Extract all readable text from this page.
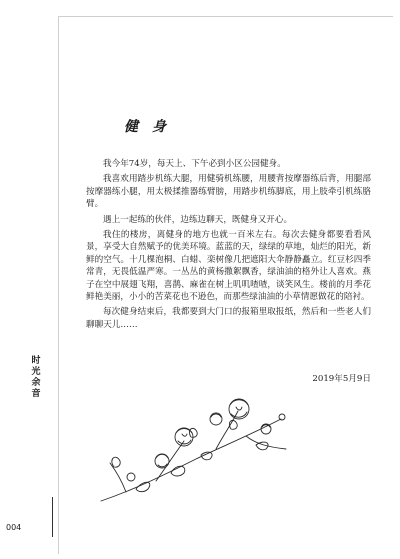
时光余音
004
健身

我今年74岁，每天上、下午必到小区公园健身。

我喜欢用踏步机练大腿，用健骑机练腰，用腰背按摩器练后背，用腿部按摩器练小腿，用太极揉推器练臂膀，用踏步机练脚底，用上肢牵引机练胳臂。

遇上一起练的伙伴，边练边聊天，既健身又开心。

我住的楼房，离健身的地方也就一百米左右。每次去健身都要看看风景，享受大自然赋予的优美环境。蓝蓝的天，绿绿的草地，灿烂的阳光，新鲜的空气。十几棵泡桐、白蜡、栾树像几把遮阳大伞静静矗立。红豆杉四季常青，无畏低温严寒。一丛丛的黄杨撒絮飘香，绿油油的格外让人喜欢。燕子在空中展翅飞翔，喜鹊、麻雀在树上叽叽喳喳，谈笑风生。楼前的月季花鲜艳美丽，小小的苦菜花也不逊色，而那些绿油油的小草情愿做花的陪衬。

每次健身结束后，我都要到大门口的报箱里取报纸，然后和一些老人们聊聊天儿……

2019年5月9日
